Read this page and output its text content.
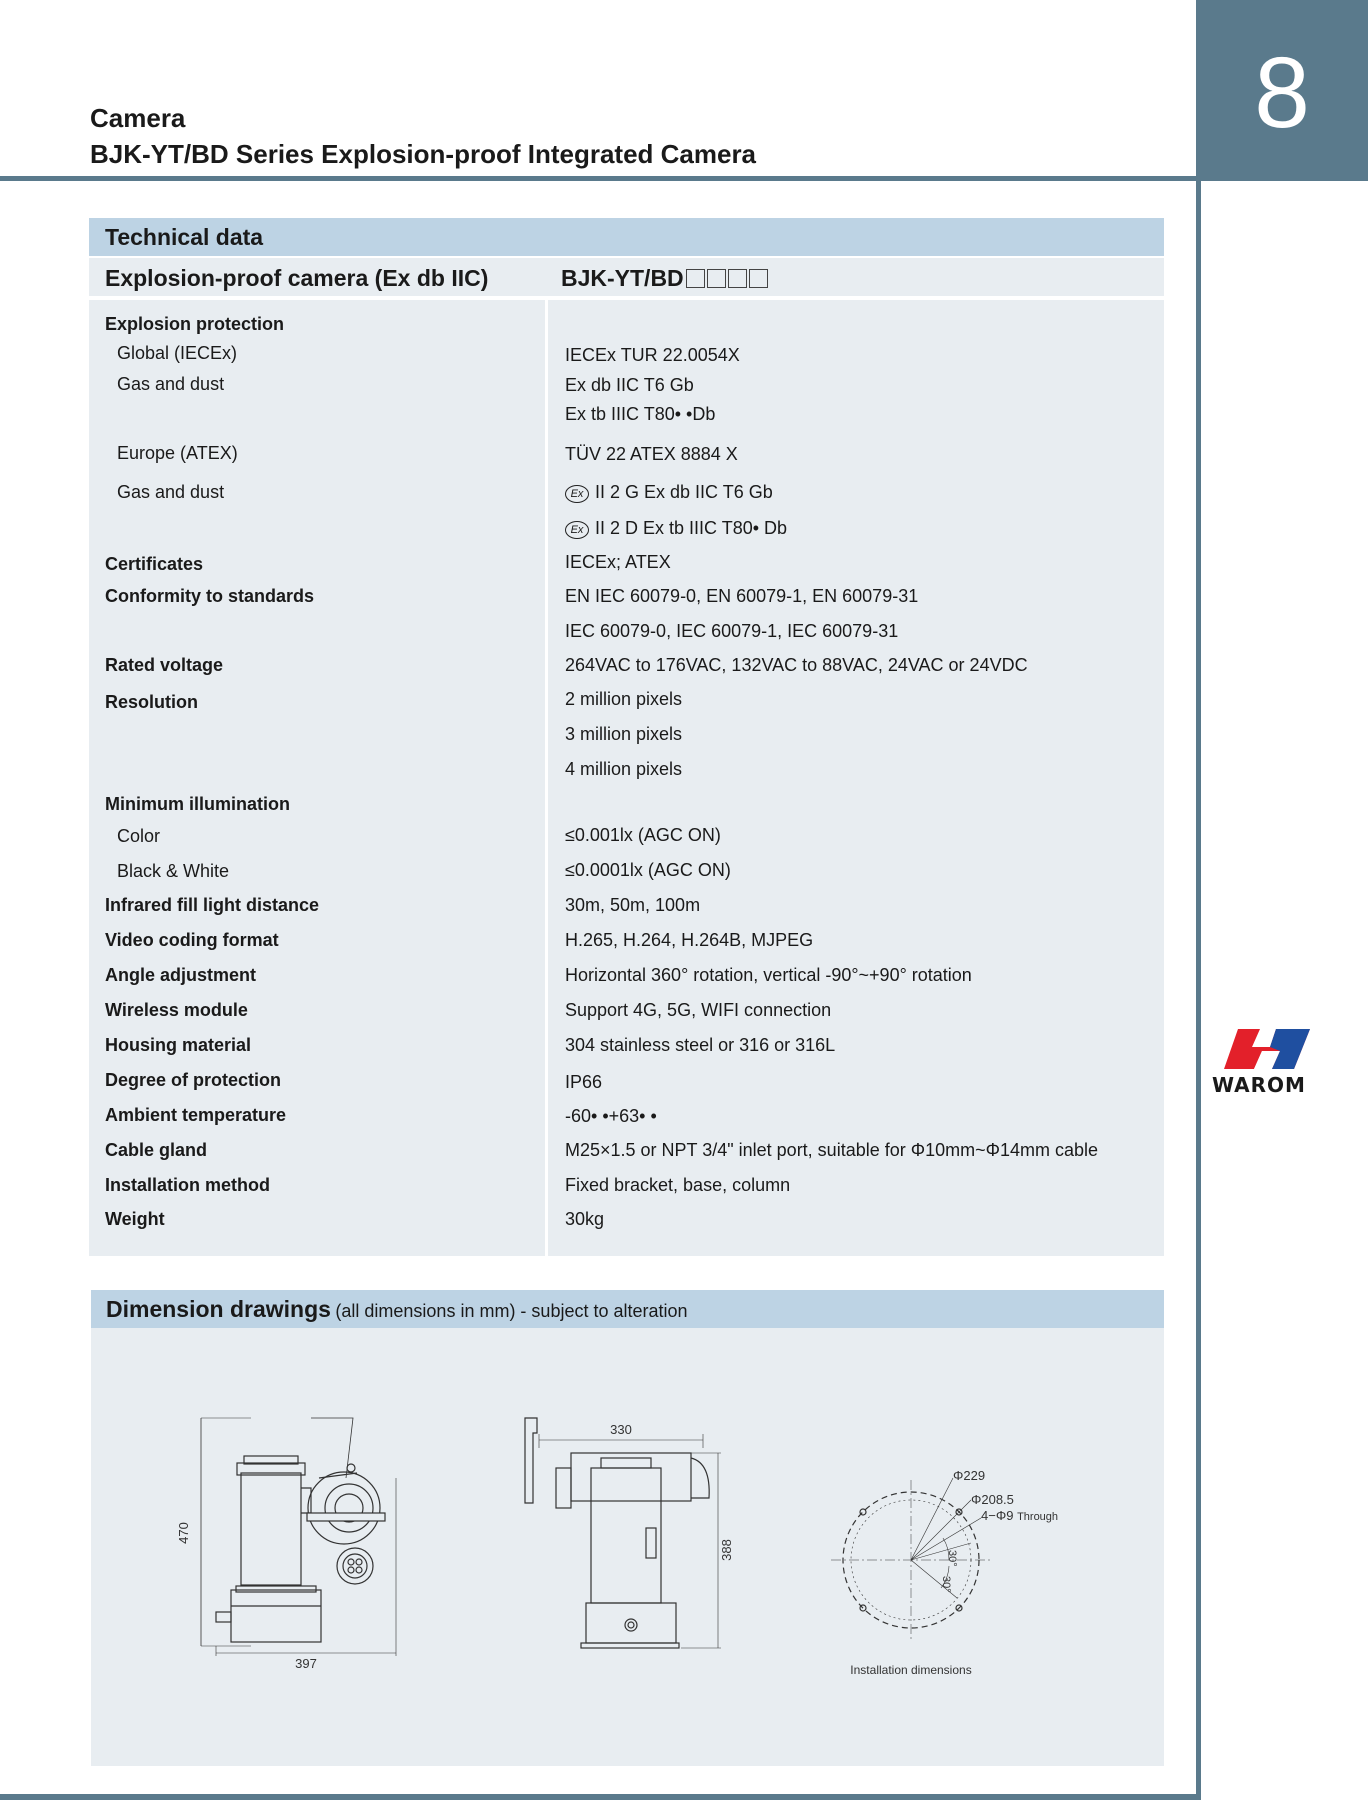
Camera
BJK-YT/BD Series Explosion-proof Integrated Camera
8
WAROM
Technical data
Explosion-proof camera (Ex db IIC)	BJK-YT/BD
Explosion protection
Global (IECEx)	IECEx TUR 22.0054X
Gas and dust	Ex db IIC T6 Gb
Ex tb IIIC T80• •Db
Europe (ATEX)	TÜV 22 ATEX 8884 X
Gas and dust	Ex II 2 G Ex db IIC T6 Gb
Ex II 2 D Ex tb IIIC T80• Db
Certificates	IECEx; ATEX
Conformity to standards	EN IEC 60079-0, EN 60079-1, EN 60079-31
IEC 60079-0, IEC 60079-1, IEC 60079-31
Rated voltage	264VAC to 176VAC, 132VAC to 88VAC, 24VAC or 24VDC
Resolution	2 million pixels
3 million pixels
4 million pixels
Minimum illumination
Color	≤0.001lx (AGC ON)
Black & White	≤0.0001lx (AGC ON)
Infrared fill light distance	30m, 50m, 100m
Video coding format	H.265, H.264, H.264B, MJPEG
Angle adjustment	Horizontal 360° rotation, vertical -90°~+90° rotation
Wireless module	Support 4G, 5G, WIFI connection
Housing material	304 stainless steel or 316 or 316L
Degree of protection	IP66
Ambient temperature	-60• •+63• •
Cable gland	M25×1.5 or NPT 3/4" inlet port, suitable for Φ10mm~Φ14mm cable
Installation method	Fixed bracket, base, column
Weight	30kg
Dimension drawings (all dimensions in mm) - subject to alteration
470
397
330
388
Φ229
Φ208.5
4−Φ9 Through
30°
30°
Installation dimensions
